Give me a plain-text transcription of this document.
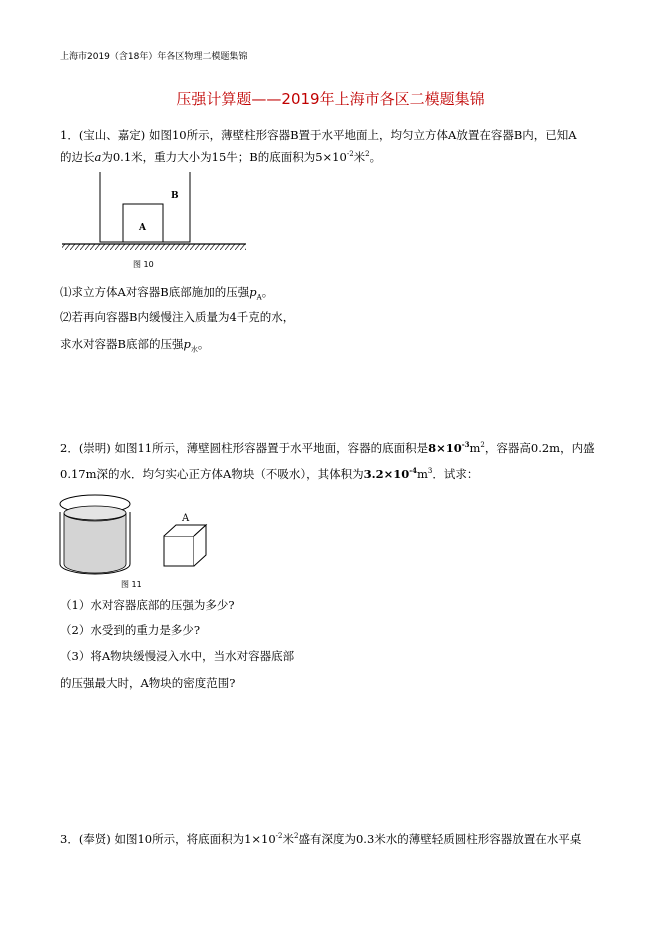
上海市2019（含18年）年各区物理二模题集锦
压强计算题——2019年上海市各区二模题集锦
1．(宝山、嘉定) 如图10所示，薄壁柱形容器B置于水平地面上，均匀立方体A放置在容器B内，已知A
的边长a为0.1米，重力大小为15牛；B的底面积为$5\times 10^{-2}$米$^2$。
A
B
图 10
⑴求立方体A对容器B底部施加的压强$p_A$。
⑵若再向容器B内缓慢注入质量为4千克的水，
求水对容器B底部的压强$p_水$。
2．(崇明) 如图11所示，薄壁圆柱形容器置于水平地面，容器的底面积是$8\times 10^{-3}m^2$，容器高0.2m，内盛
0.17m深的水．均匀实心正方体A物块（不吸水），其体积为$3.2\times 10^{-4}m^3$．试求：
A
图 11
（1）水对容器底部的压强为多少?
（2）水受到的重力是多少?
（3）将A物块缓慢浸入水中，当水对容器底部
的压强最大时，A物块的密度范围?
3．(奉贤) 如图10所示，将底面积为$1\times 10^{-2}$米$^2$盛有深度为0.3米水的薄壁轻质圆柱形容器放置在水平桌
